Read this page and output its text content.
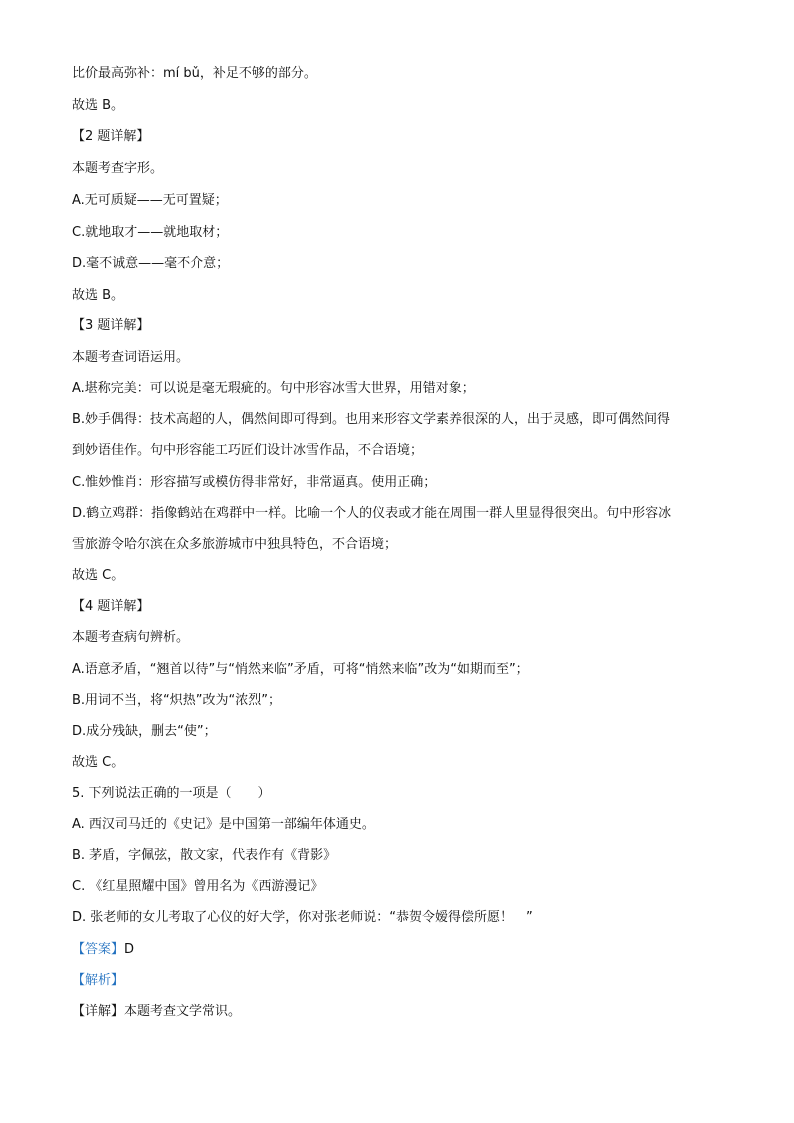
比价最高弥补：mí bǔ，补足不够的部分。
故选 B。
【2 题详解】
本题考查字形。
A.无可质疑——无可置疑；
C.就地取才——就地取材；
D.毫不诚意——毫不介意；
故选 B。
【3 题详解】
本题考查词语运用。
A.堪称完美：可以说是毫无瑕疵的。句中形容冰雪大世界，用错对象；
B.妙手偶得：技术高超的人，偶然间即可得到。也用来形容文学素养很深的人，出于灵感，即可偶然间得
到妙语佳作。句中形容能工巧匠们设计冰雪作品，不合语境；
C.惟妙惟肖：形容描写或模仿得非常好，非常逼真。使用正确；
D.鹤立鸡群：指像鹤站在鸡群中一样。比喻一个人的仪表或才能在周围一群人里显得很突出。句中形容冰
雪旅游令哈尔滨在众多旅游城市中独具特色，不合语境；
故选 C。
【4 题详解】
本题考查病句辨析。
A.语意矛盾，“翘首以待”与“悄然来临”矛盾，可将“悄然来临”改为“如期而至”；
B.用词不当，将“炽热”改为“浓烈”；
D.成分残缺，删去“使”；
故选 C。
5. 下列说法正确的一项是（　　）
A. 西汉司马迁的《史记》是中国第一部编年体通史。
B. 茅盾，字佩弦，散文家，代表作有《背影》
C. 《红星照耀中国》曾用名为《西游漫记》
D. 张老师的女儿考取了心仪的好大学，你对张老师说：“恭贺令嫒得偿所愿！　”
【答案】D
【解析】
【详解】本题考查文学常识。
